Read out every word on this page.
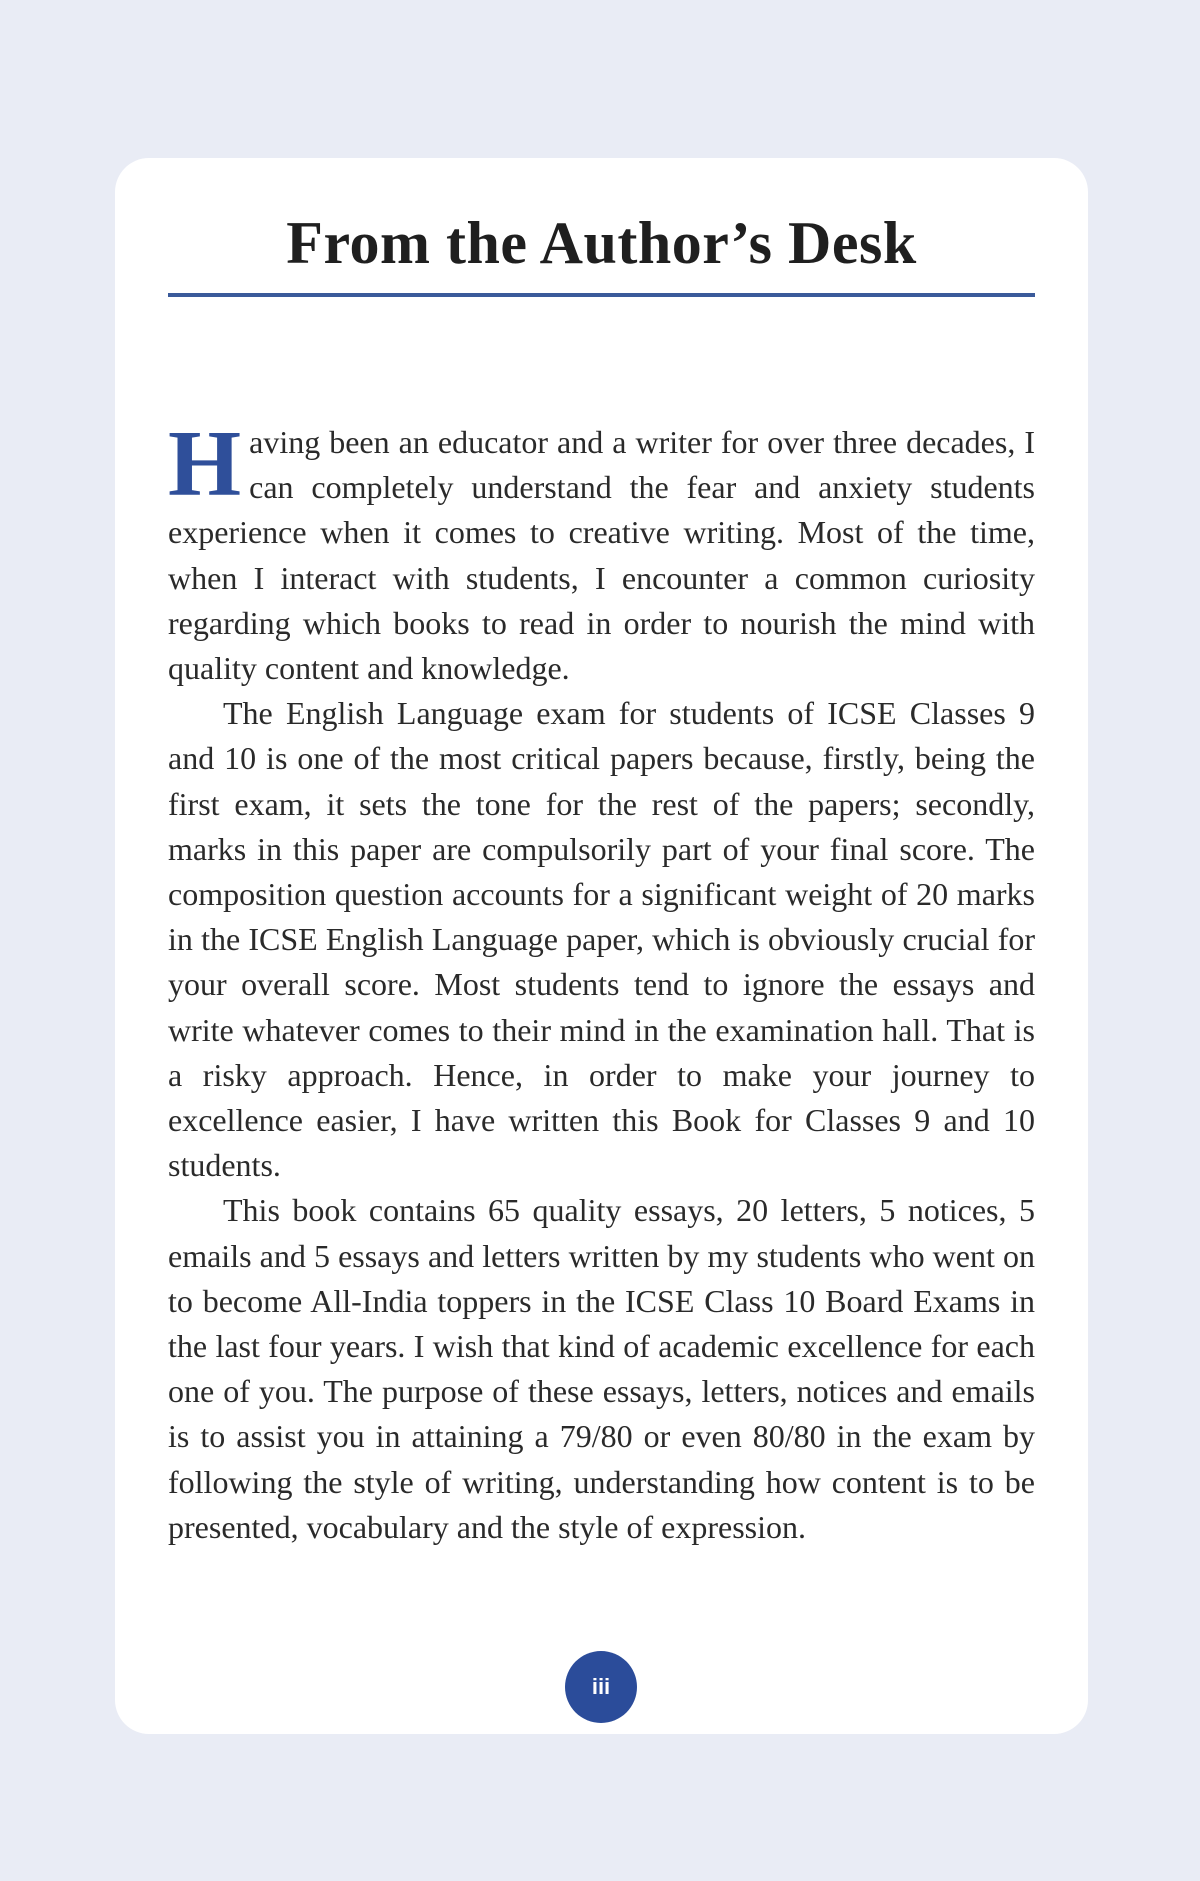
From the Author’s Desk

Having been an educator and a writer for over three decades, I can completely understand the fear and anxiety students experience when it comes to creative writing. Most of the time, when I interact with students, I encounter a common curiosity regarding which books to read in order to nourish the mind with quality content and knowledge.

The English Language exam for students of ICSE Classes 9 and 10 is one of the most critical papers because, firstly, being the first exam, it sets the tone for the rest of the papers; secondly, marks in this paper are compulsorily part of your final score. The composition question accounts for a significant weight of 20 marks in the ICSE English Language paper, which is obviously crucial for your overall score. Most students tend to ignore the essays and write whatever comes to their mind in the examination hall. That is a risky approach. Hence, in order to make your journey to excellence easier, I have written this Book for Classes 9 and 10 students.

This book contains 65 quality essays, 20 letters, 5 notices, 5 emails and 5 essays and letters written by my students who went on to become All-India toppers in the ICSE Class 10 Board Exams in the last four years. I wish that kind of academic excellence for each one of you. The purpose of these essays, letters, notices and emails is to assist you in attaining a 79/80 or even 80/80 in the exam by following the style of writing, understanding how content is to be presented, vocabulary and the style of expression.

iii
